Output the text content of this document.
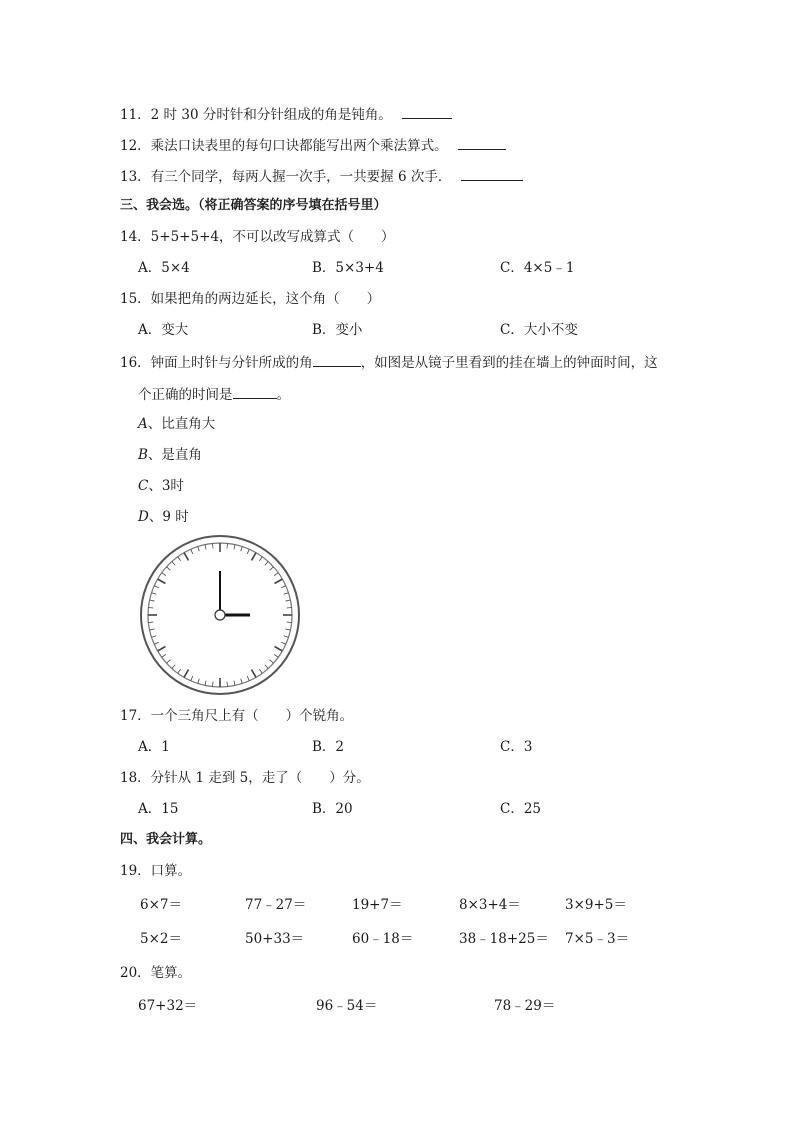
11．2 时 30 分时针和分针组成的角是钝角。
12．乘法口诀表里的每句口诀都能写出两个乘法算式。
13．有三个同学，每两人握一次手，一共要握 6 次手．
三、我会选。（将正确答案的序号填在括号里）
14．5+5+5+4，不可以改写成算式（　　）
A．5×4	B．5×3+4	C．4×5﹣1
15．如果把角的两边延长，这个角（　　）
A．变大	B．变小	C．大小不变
16．钟面上时针与分针所成的角	，如图是从镜子里看到的挂在墙上的钟面时间，这
个正确的时间是	。
A、比直角大
B、是直角
C、3时
D、9 时
17．一个三角尺上有（　　）个锐角。
A．1	B．2	C．3
18．分针从 1 走到 5，走了（　　）分。
A．15	B．20	C．25
四、我会计算。
19．口算。
6×7＝	77﹣27＝	19+7＝	8×3+4＝	3×9+5＝
5×2＝	50+33＝	60﹣18＝	38﹣18+25＝ 7×5﹣3＝
20．笔算。
67+32＝	96﹣54＝	78﹣29＝
